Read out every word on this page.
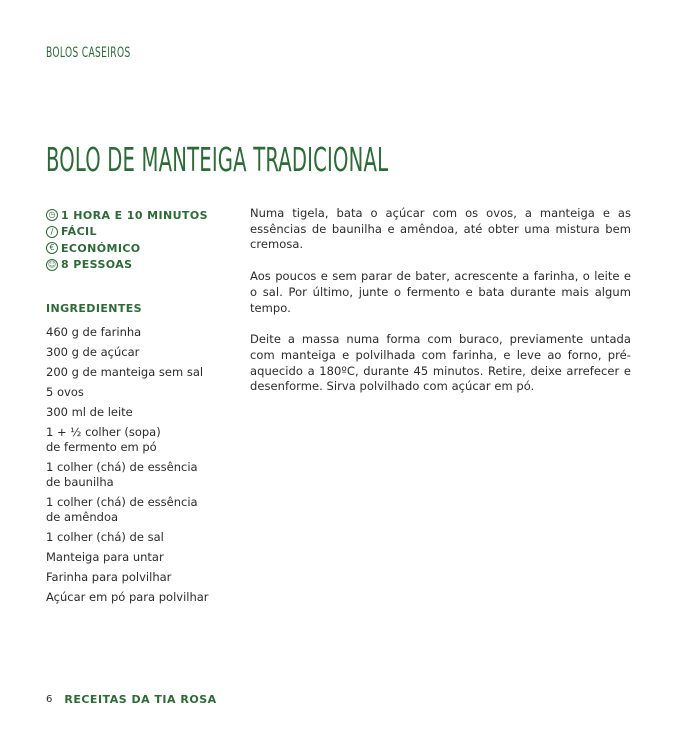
BOLOS CASEIROS
BOLO DE MANTEIGA TRADICIONAL
◷ 1 HORA E 10 MINUTOS
∕ FÁCIL
€ ECONÓMICO
☺ 8 PESSOAS
INGREDIENTES
460 g de farinha
300 g de açúcar
200 g de manteiga sem sal
5 ovos
300 ml de leite
1 + ½ colher (sopa)
de fermento em pó
1 colher (chá) de essência
de baunilha
1 colher (chá) de essência
de amêndoa
1 colher (chá) de sal
Manteiga para untar
Farinha para polvilhar
Açúcar em pó para polvilhar

Numa tigela, bata o açúcar com os ovos, a manteiga e as essências de baunilha e amêndoa, até obter uma mistura bem cremosa.

Aos poucos e sem parar de bater, acrescente a farinha, o leite e o sal. Por último, junte o fermento e bata durante mais algum tempo.

Deite a massa numa forma com buraco, previamente untada com manteiga e polvilhada com farinha, e leve ao forno, pré-aquecido a 180ºC, durante 45 minutos. Retire, deixe arrefecer e desenforme. Sirva polvilhado com açúcar em pó.

6 RECEITAS DA TIA ROSA
